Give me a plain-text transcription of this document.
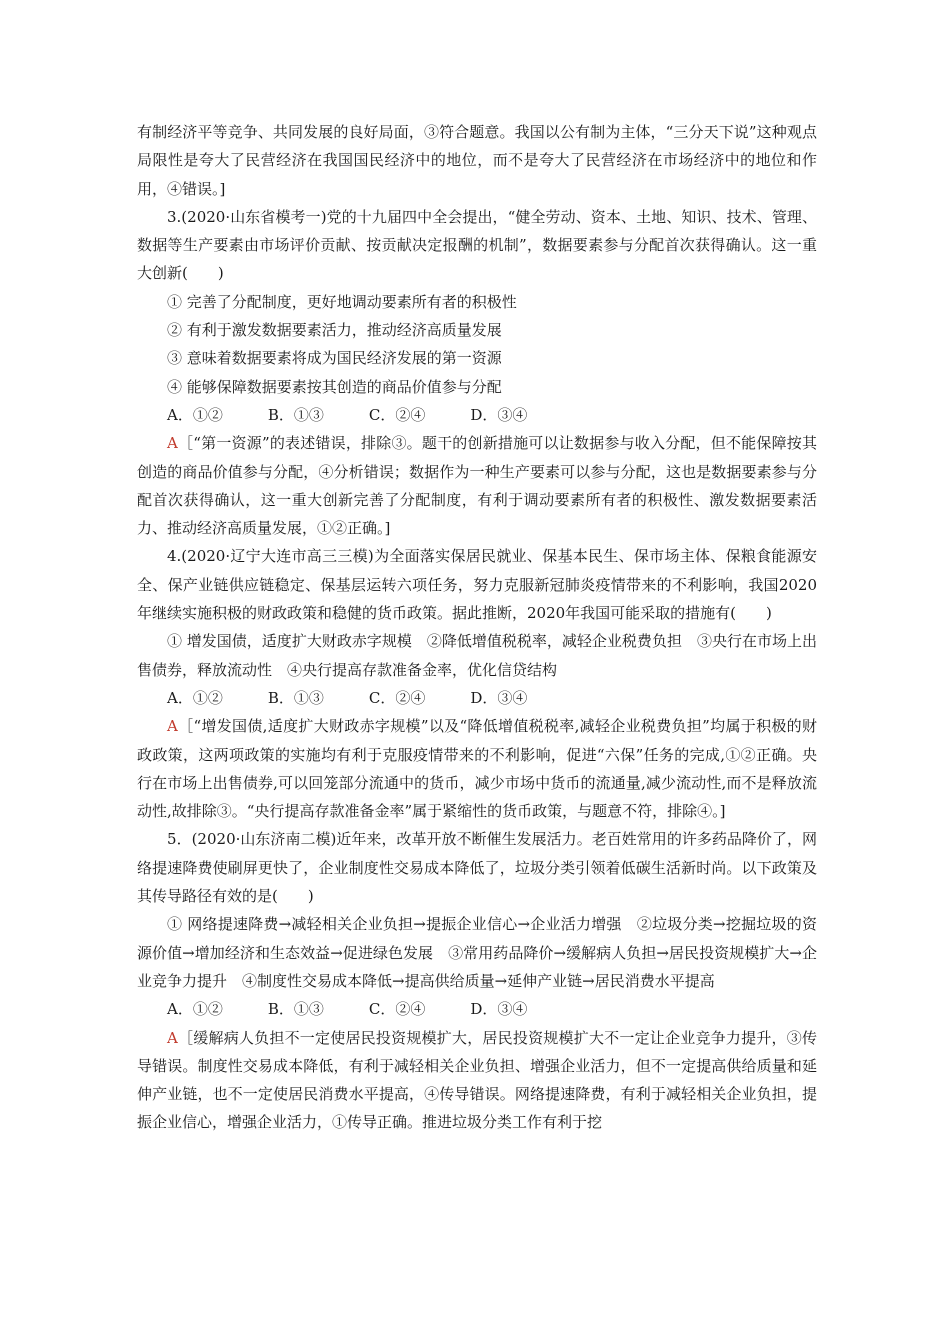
有制经济平等竞争、共同发展的良好局面，③符合题意。我国以公有制为主体，“三分天下说”这种观点局限性是夸大了民营经济在我国国民经济中的地位，而不是夸大了民营经济在市场经济中的地位和作用，④错误。]

3.(2020·山东省模考一)党的十九届四中全会提出，“健全劳动、资本、土地、知识、技术、管理、数据等生产要素由市场评价贡献、按贡献决定报酬的机制”，数据要素参与分配首次获得确认。这一重大创新(　　)

① 完善了分配制度，更好地调动要素所有者的积极性

② 有利于激发数据要素活力，推动经济高质量发展

③ 意味着数据要素将成为国民经济发展的第一资源

④ 能够保障数据要素按其创造的商品价值参与分配

A．①②　　　B．①③　　　C．②④　　　D．③④

A［“第一资源”的表述错误，排除③。题干的创新措施可以让数据参与收入分配，但不能保障按其创造的商品价值参与分配，④分析错误；数据作为一种生产要素可以参与分配，这也是数据要素参与分配首次获得确认，这一重大创新完善了分配制度，有利于调动要素所有者的积极性、激发数据要素活力、推动经济高质量发展，①②正确。]

4.(2020·辽宁大连市高三三模)为全面落实保居民就业、保基本民生、保市场主体、保粮食能源安全、保产业链供应链稳定、保基层运转六项任务，努力克服新冠肺炎疫情带来的不利影响，我国2020年继续实施积极的财政政策和稳健的货币政策。据此推断，2020年我国可能采取的措施有(　　)

① 增发国债，适度扩大财政赤字规模　②降低增值税税率，减轻企业税费负担　③央行在市场上出售债券，释放流动性　④央行提高存款准备金率，优化信贷结构

A．①②　　　B．①③　　　C．②④　　　D．③④

A［“增发国债,适度扩大财政赤字规模”以及“降低增值税税率,减轻企业税费负担”均属于积极的财政政策，这两项政策的实施均有利于克服疫情带来的不利影响，促进“六保”任务的完成,①②正确。央行在市场上出售债券,可以回笼部分流通中的货币，减少市场中货币的流通量,减少流动性,而不是释放流动性,故排除③。“央行提高存款准备金率”属于紧缩性的货币政策，与题意不符，排除④。]

5．(2020·山东济南二模)近年来，改革开放不断催生发展活力。老百姓常用的许多药品降价了，网络提速降费使刷屏更快了，企业制度性交易成本降低了，垃圾分类引领着低碳生活新时尚。以下政策及其传导路径有效的是(　　)

① 网络提速降费→减轻相关企业负担→提振企业信心→企业活力增强　②垃圾分类→挖掘垃圾的资源价值→增加经济和生态效益→促进绿色发展　③常用药品降价→缓解病人负担→居民投资规模扩大→企业竞争力提升　④制度性交易成本降低→提高供给质量→延伸产业链→居民消费水平提高

A．①②　　　B．①③　　　C．②④　　　D．③④

A［缓解病人负担不一定使居民投资规模扩大，居民投资规模扩大不一定让企业竞争力提升，③传导错误。制度性交易成本降低，有利于减轻相关企业负担、增强企业活力，但不一定提高供给质量和延伸产业链，也不一定使居民消费水平提高，④传导错误。网络提速降费，有利于减轻相关企业负担，提振企业信心，增强企业活力，①传导正确。推进垃圾分类工作有利于挖
